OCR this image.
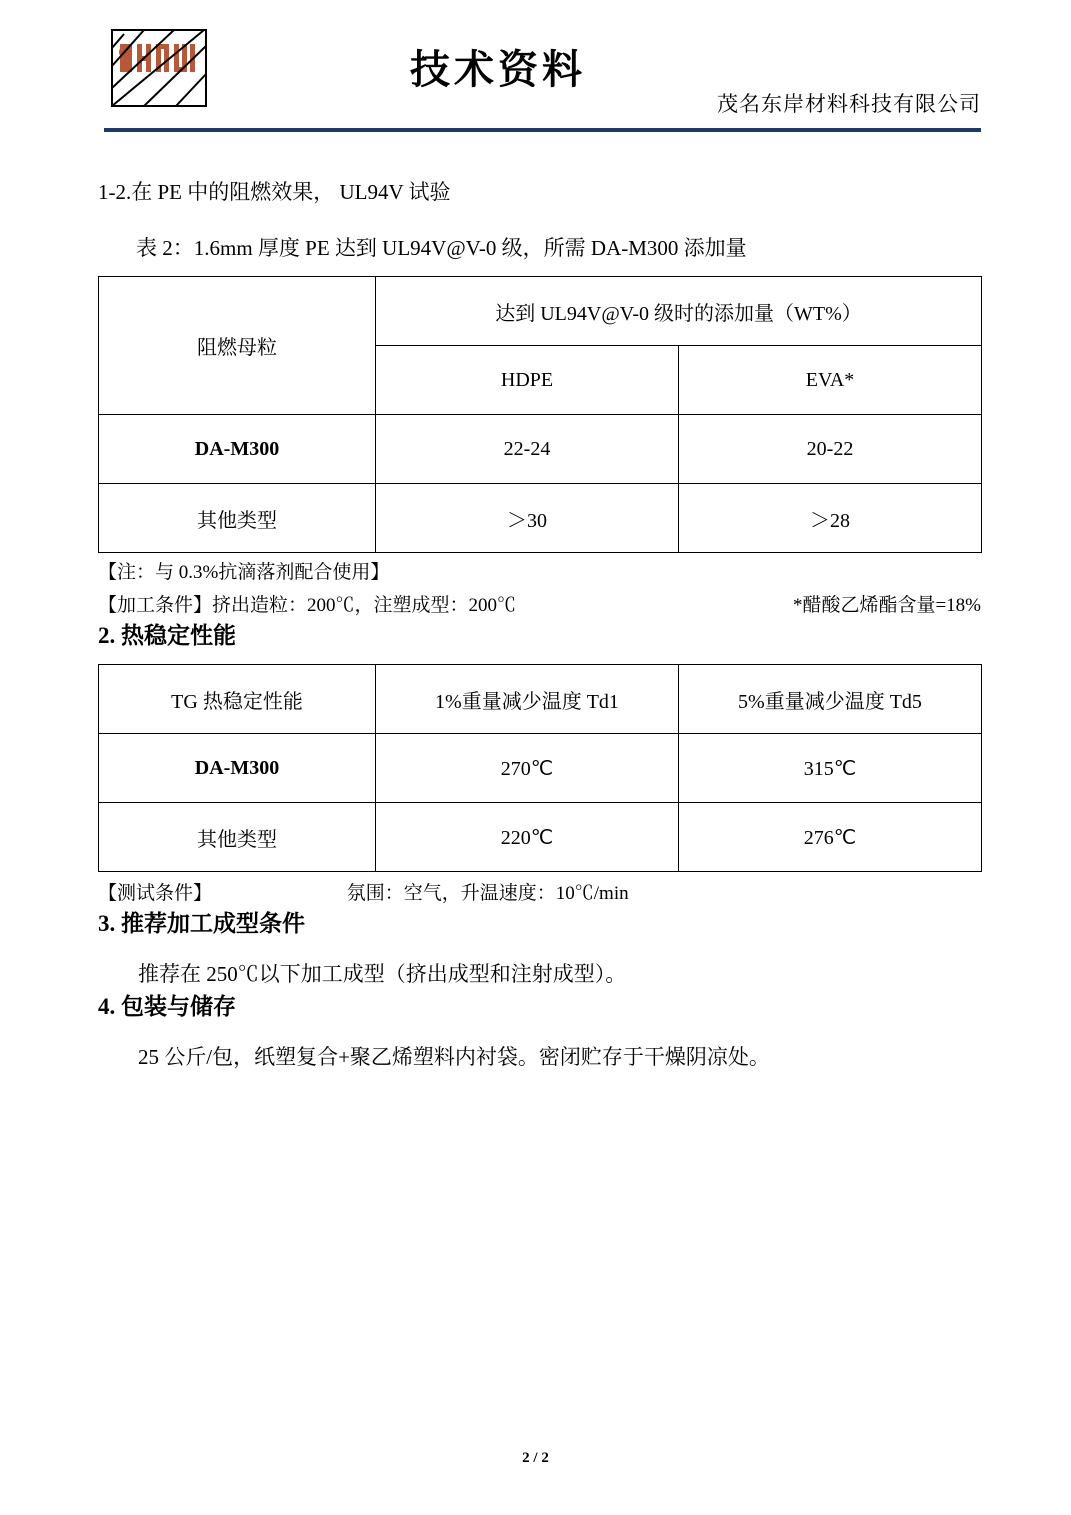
技术资料
茂名东岸材料科技有限公司
1-2.在 PE 中的阻燃效果， UL94V 试验
表 2：1.6mm 厚度 PE 达到 UL94V@V-0 级，所需 DA-M300 添加量
阻燃母粒	达到 UL94V@V-0 级时的添加量（WT%）	
	HDPE	EVA*
DA-M300	22-24	20-22
其他类型	＞30	＞28
【注：与 0.3%抗滴落剂配合使用】
【加工条件】挤出造粒：200℃，注塑成型：200℃	*醋酸乙烯酯含量=18%
2. 热稳定性能
TG 热稳定性能	1%重量减少温度 Td1	5%重量减少温度 Td5
DA-M300	270℃	315℃
其他类型	220℃	276℃
【测试条件】	氛围：空气，升温速度：10℃/min
3. 推荐加工成型条件
推荐在 250℃以下加工成型（挤出成型和注射成型）。
4. 包装与储存
25 公斤/包，纸塑复合+聚乙烯塑料内衬袋。密闭贮存于干燥阴凉处。
2 / 2
